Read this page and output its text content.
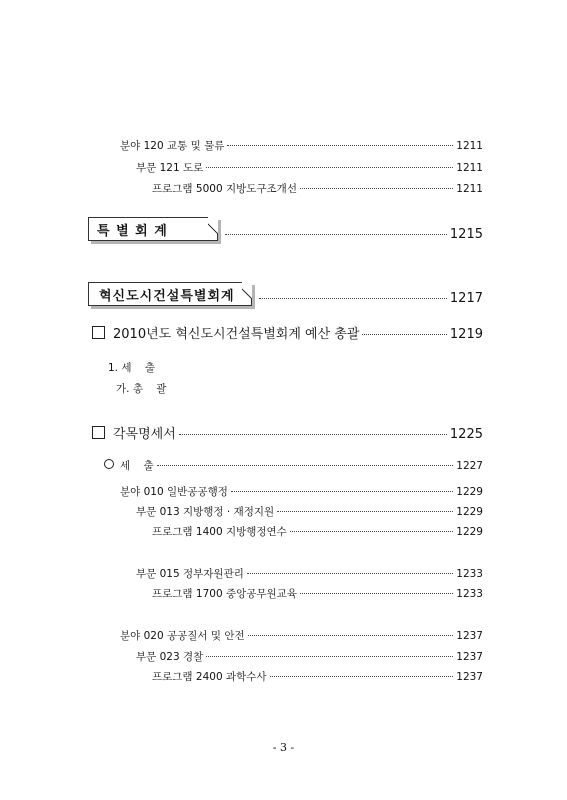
분야 120 교통 및 물류	1211
부문 121 도로	1211
프로그램 5000 지방도구조개선	1211
특 별 회 계	1215
혁신도시건설특별회계	1217
2010년도 혁신도시건설특별회계 예산 총괄	1219
1. 세    출
가. 총    괄
각목명세서	1225
세    출	1227
분야 010 일반공공행정	1229
부문 013 지방행정 · 재정지원	1229
프로그램 1400 지방행정연수	1229
부문 015 정부자원관리	1233
프로그램 1700 중앙공무원교육	1233
분야 020 공공질서 및 안전	1237
부문 023 경찰	1237
프로그램 2400 과학수사	1237
- 3 -
